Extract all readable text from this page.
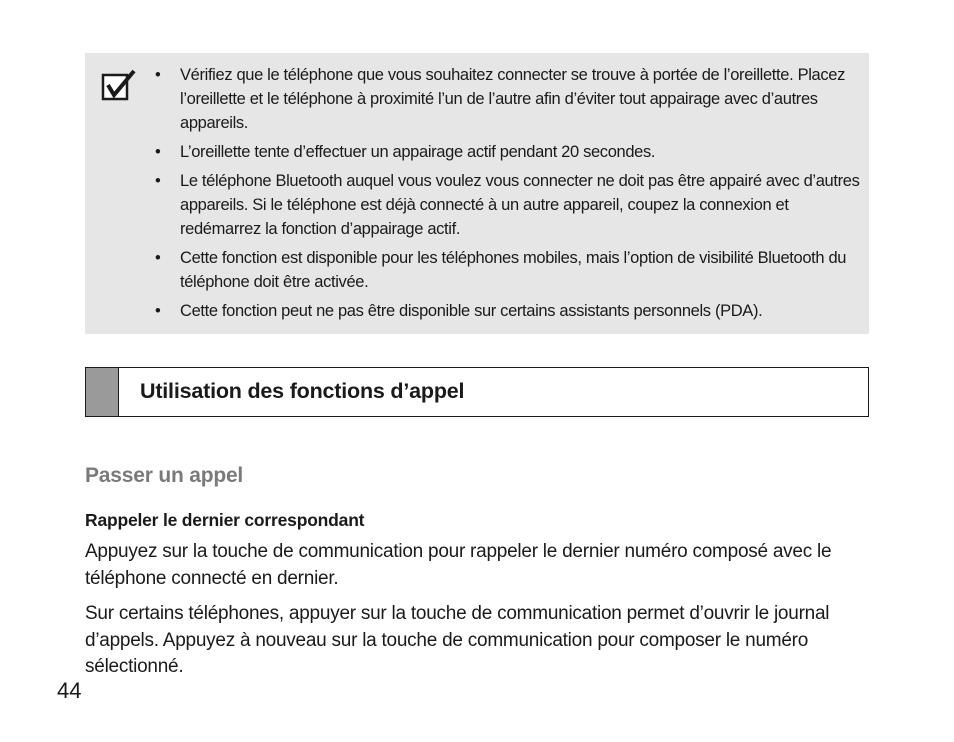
• Vérifiez que le téléphone que vous souhaitez connecter se trouve à portée de l’oreillette. Placez l’oreillette et le téléphone à proximité l’un de l’autre afin d’éviter tout appairage avec d’autres appareils.
• L’oreillette tente d’effectuer un appairage actif pendant 20 secondes.
• Le téléphone Bluetooth auquel vous voulez vous connecter ne doit pas être appairé avec d’autres appareils. Si le téléphone est déjà connecté à un autre appareil, coupez la connexion et redémarrez la fonction d’appairage actif.
• Cette fonction est disponible pour les téléphones mobiles, mais l’option de visibilité Bluetooth du téléphone doit être activée.
• Cette fonction peut ne pas être disponible sur certains assistants personnels (PDA).
Utilisation des fonctions d’appel
Passer un appel
Rappeler le dernier correspondant

Appuyez sur la touche de communication pour rappeler le dernier numéro composé avec le téléphone connecté en dernier.

Sur certains téléphones, appuyer sur la touche de communication permet d’ouvrir le journal d’appels. Appuyez à nouveau sur la touche de communication pour composer le numéro sélectionné.

44
